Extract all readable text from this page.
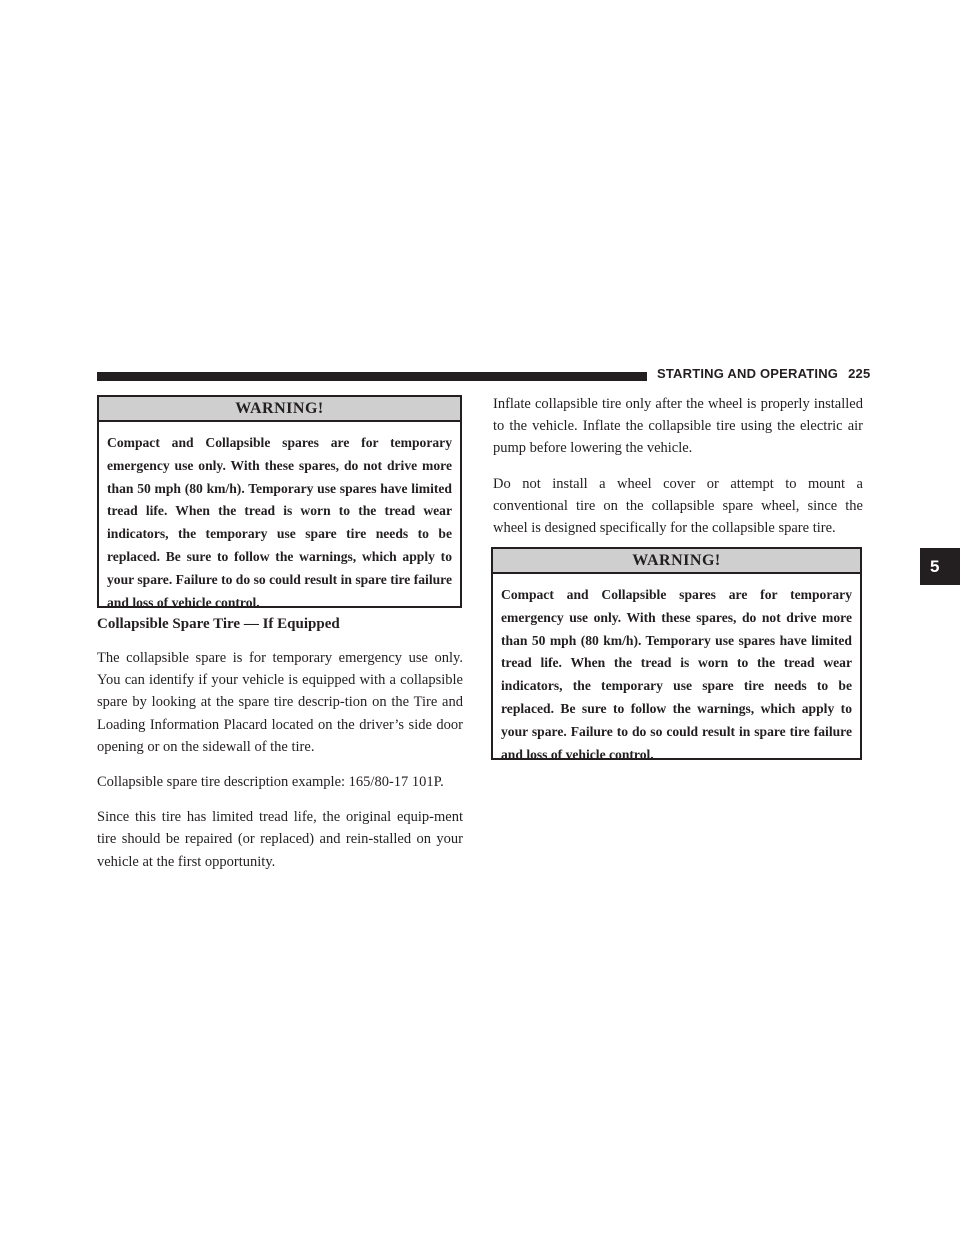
STARTING AND OPERATING 225
5
WARNING!
Compact and Collapsible spares are for temporary emergency use only. With these spares, do not drive more than 50 mph (80 km/h). Temporary use spares have limited tread life. When the tread is worn to the tread wear indicators, the temporary use spare tire needs to be replaced. Be sure to follow the warnings, which apply to your spare. Failure to do so could result in spare tire failure and loss of vehicle control.
Collapsible Spare Tire — If Equipped

The collapsible spare is for temporary emergency use only. You can identify if your vehicle is equipped with a collapsible spare by looking at the spare tire descrip-tion on the Tire and Loading Information Placard located on the driver’s side door opening or on the sidewall of the tire.

Collapsible spare tire description example: 165/80-17 101P.

Since this tire has limited tread life, the original equip-ment tire should be repaired (or replaced) and rein-stalled on your vehicle at the first opportunity.

Inflate collapsible tire only after the wheel is properly installed to the vehicle. Inflate the collapsible tire using the electric air pump before lowering the vehicle.

Do not install a wheel cover or attempt to mount a conventional tire on the collapsible spare wheel, since the wheel is designed specifically for the collapsible spare tire.

WARNING!
Compact and Collapsible spares are for temporary emergency use only. With these spares, do not drive more than 50 mph (80 km/h). Temporary use spares have limited tread life. When the tread is worn to the tread wear indicators, the temporary use spare tire needs to be replaced. Be sure to follow the warnings, which apply to your spare. Failure to do so could result in spare tire failure and loss of vehicle control.
